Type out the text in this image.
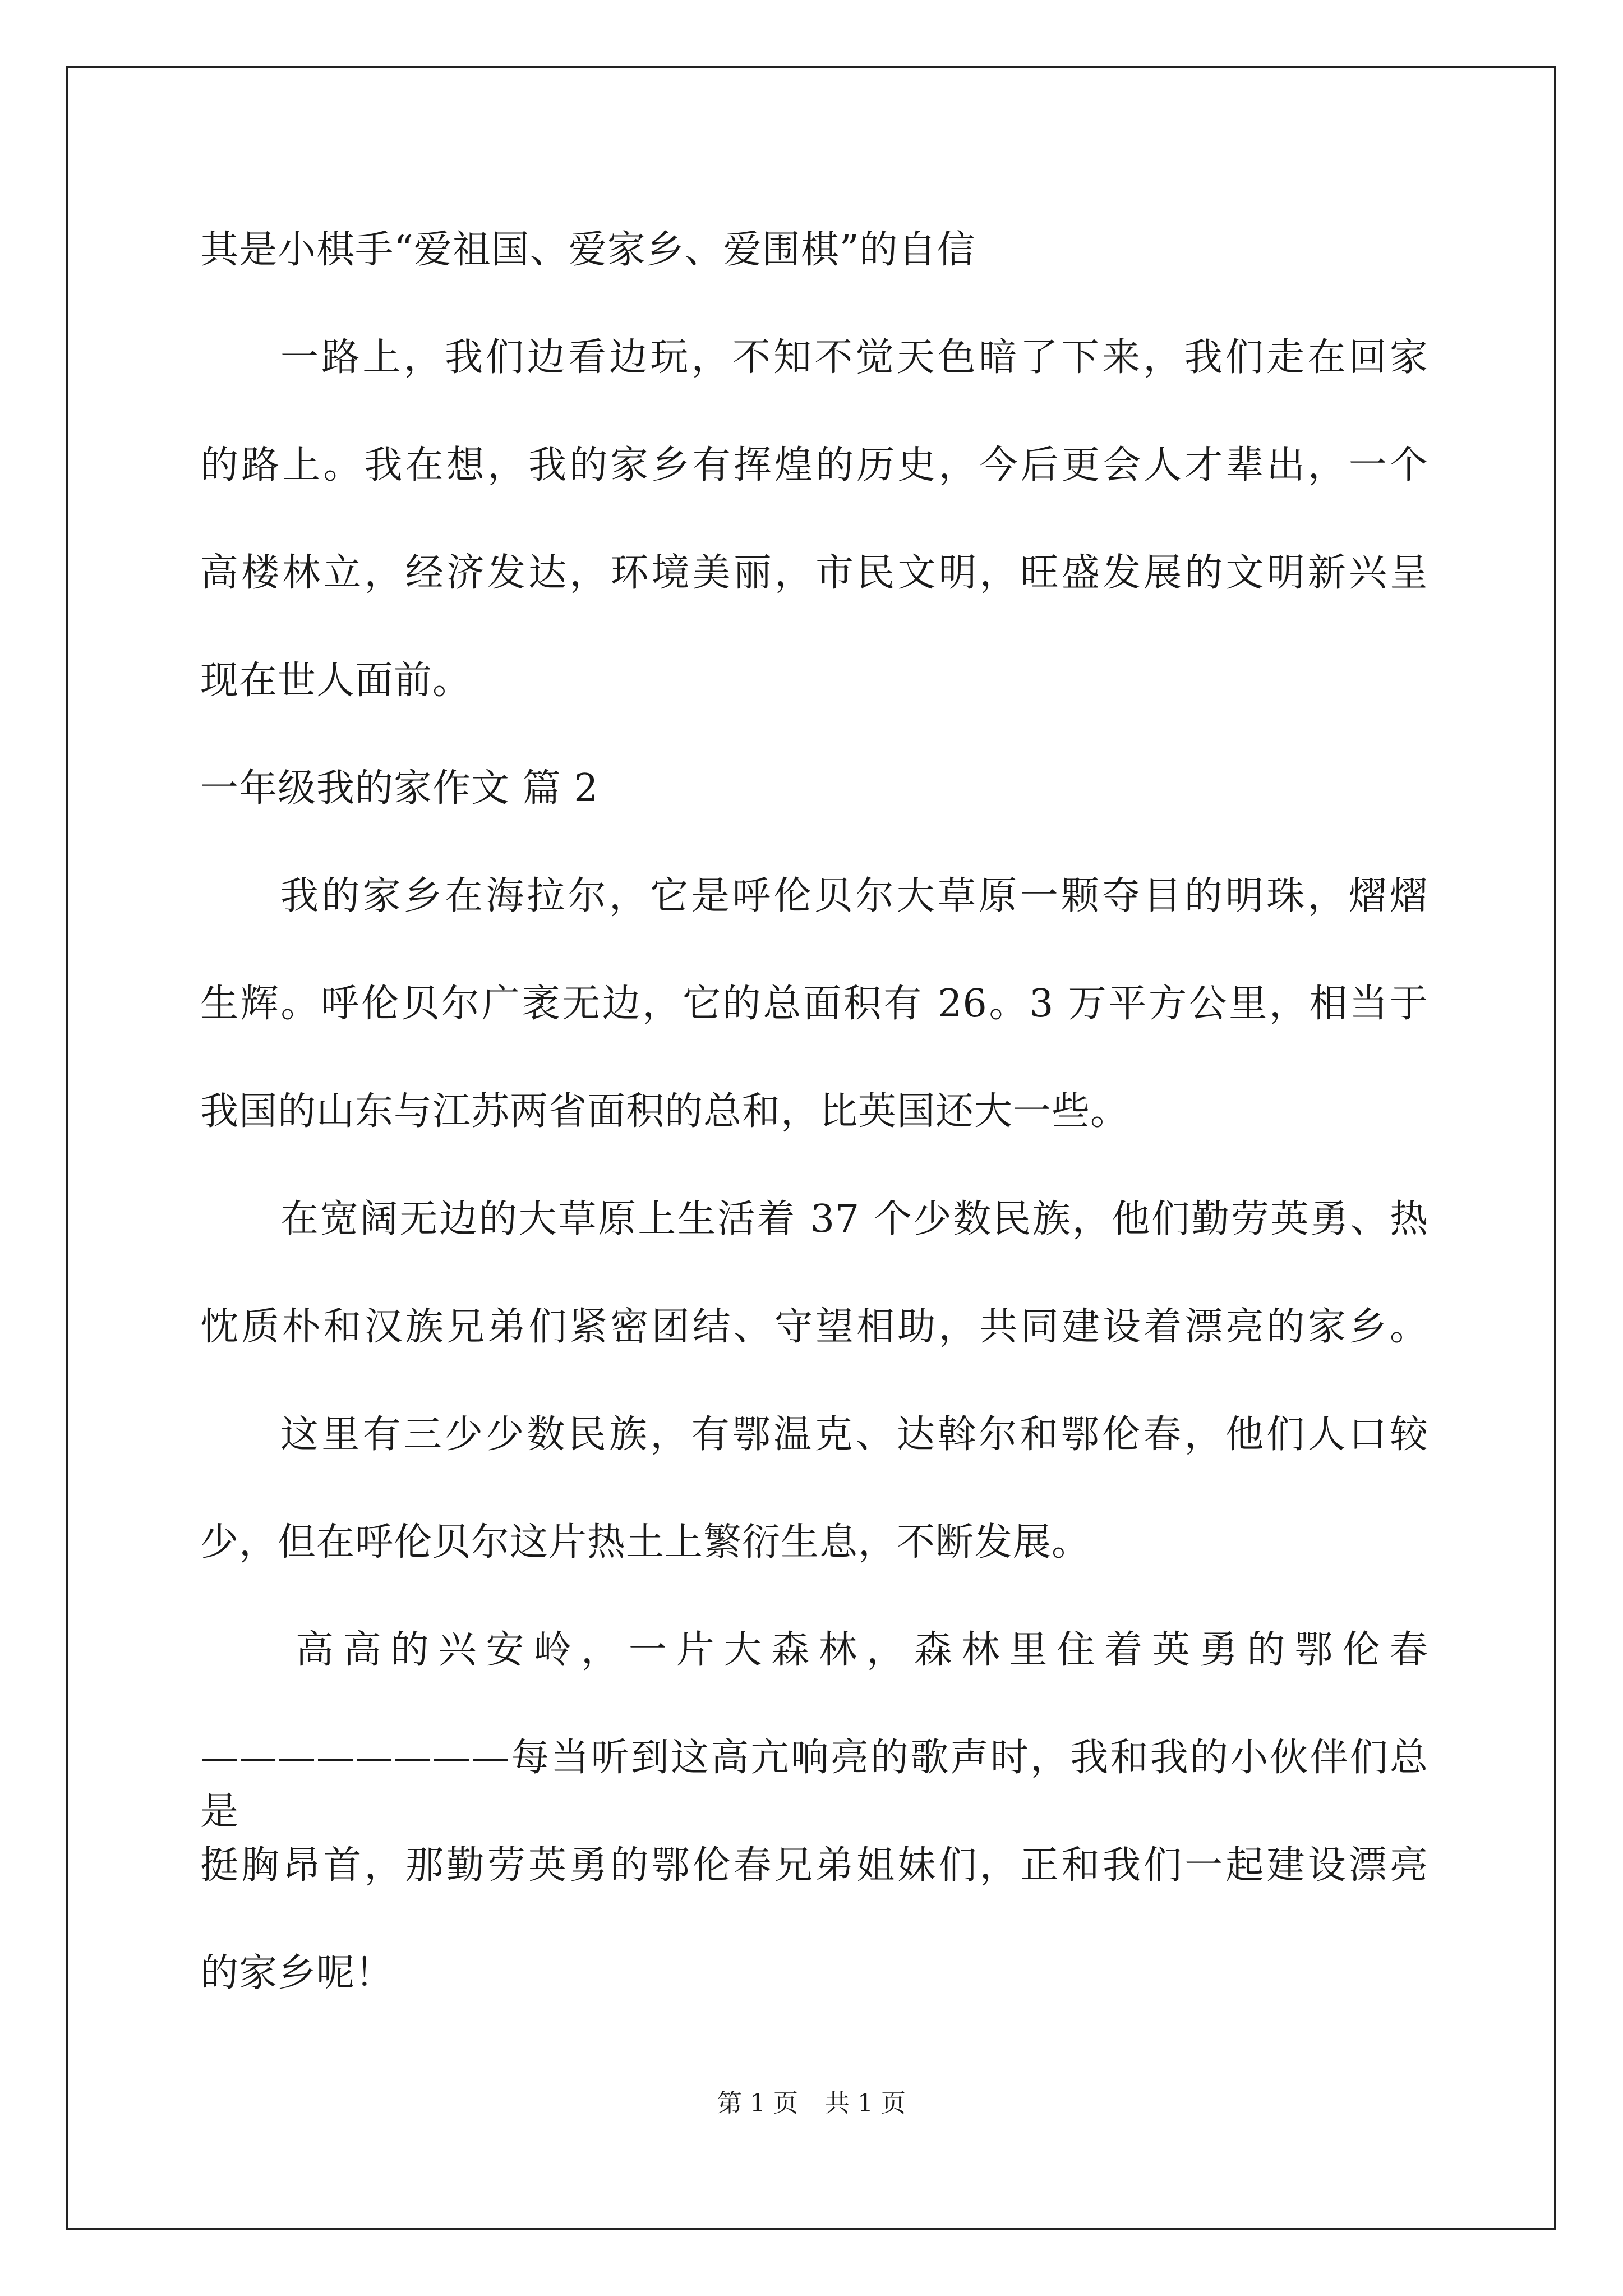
其是小棋手“爱祖国、爱家乡、爱围棋”的自信
一路上，我们边看边玩，不知不觉天色暗了下来，我们走在回家
的路上。我在想，我的家乡有挥煌的历史，今后更会人才辈出，一个
高楼林立，经济发达，环境美丽，市民文明，旺盛发展的文明新兴呈
现在世人面前。
一年级我的家作文 篇 2
我的家乡在海拉尔，它是呼伦贝尔大草原一颗夺目的明珠，熠熠
生辉。呼伦贝尔广袤无边，它的总面积有 26。3 万平方公里，相当于
我国的山东与江苏两省面积的总和，比英国还大一些。
在宽阔无边的大草原上生活着 37 个少数民族，他们勤劳英勇、热
忱质朴和汉族兄弟们紧密团结、守望相助，共同建设着漂亮的家乡。
这里有三少少数民族，有鄂温克、达斡尔和鄂伦春，他们人口较
少，但在呼伦贝尔这片热土上繁衍生息，不断发展。
高高的兴安岭，一片大森林，森林里住着英勇的鄂伦春
————————每当听到这高亢响亮的歌声时，我和我的小伙伴们总是
挺胸昂首，那勤劳英勇的鄂伦春兄弟姐妹们，正和我们一起建设漂亮
的家乡呢！
第 1 页 共 1 页
